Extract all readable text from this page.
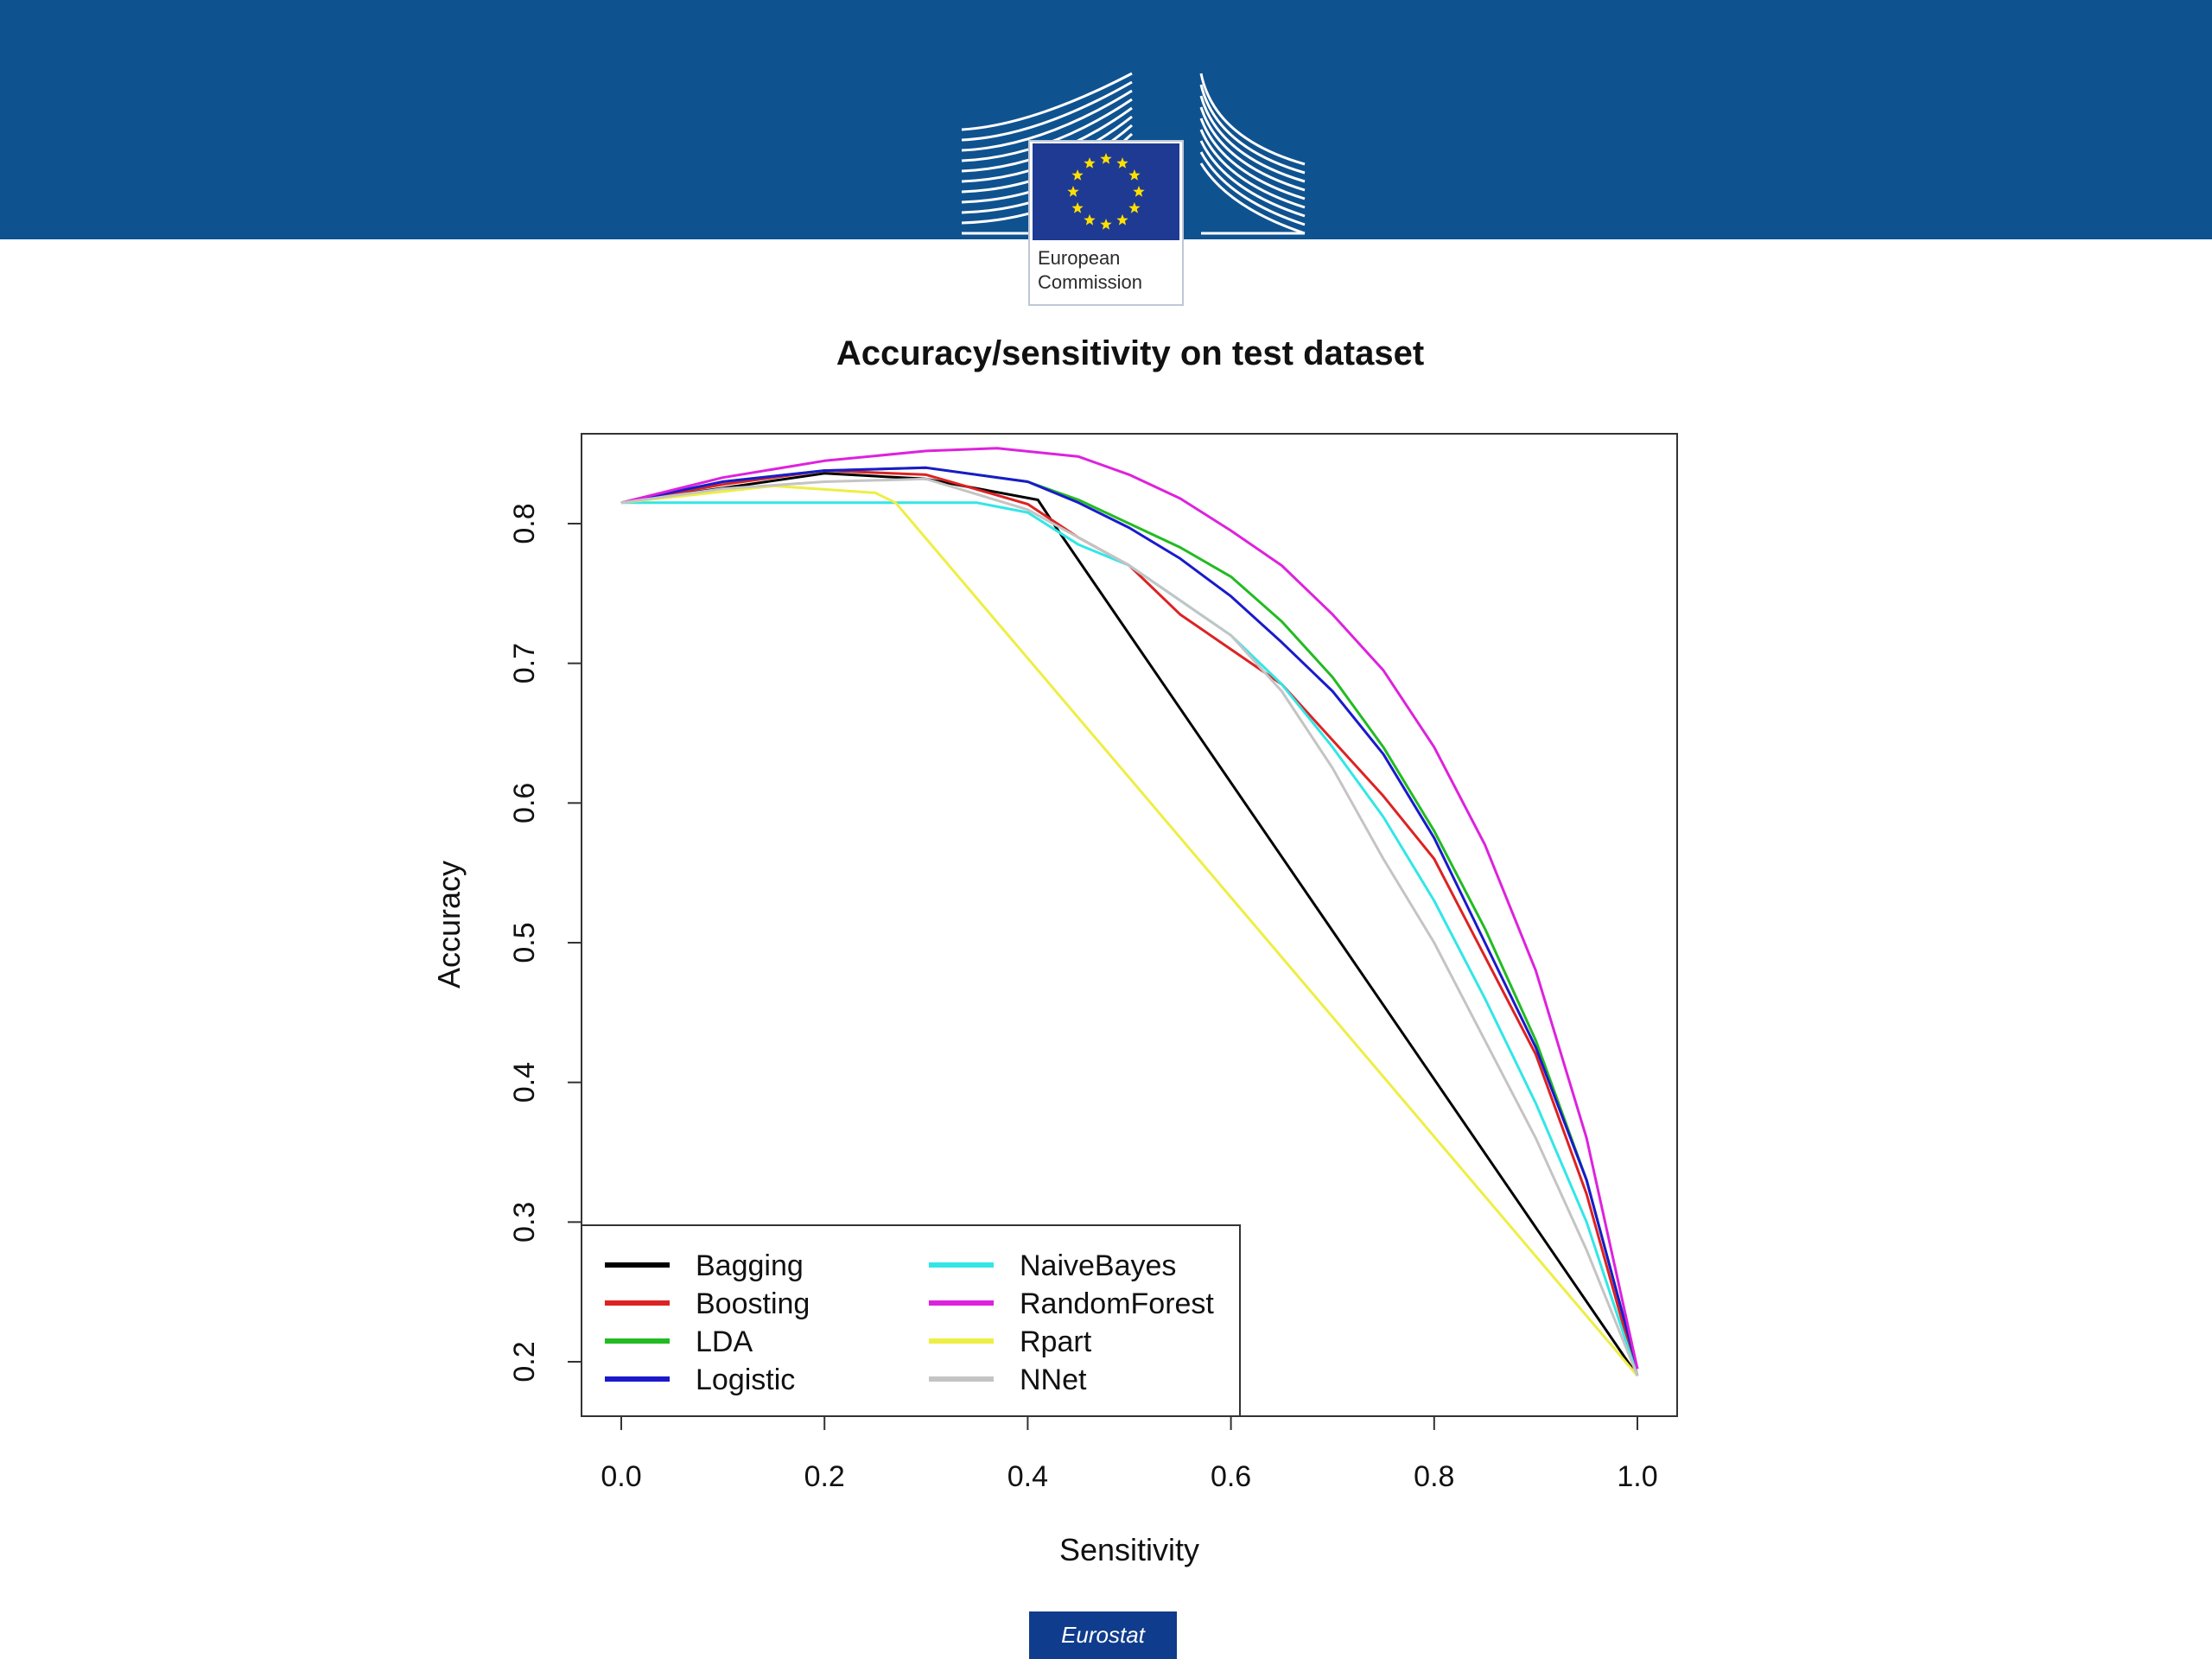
European
Commission
Accuracy/sensitivity on test dataset
0.0	0.2	0.4	0.6	0.8	1.0
0.2
0.3
0.4
0.5
0.6
0.7
0.8
Sensitivity
Accuracy
Bagging
Boosting
LDA
Logistic
NaiveBayes
RandomForest
Rpart
NNet
Eurostat
